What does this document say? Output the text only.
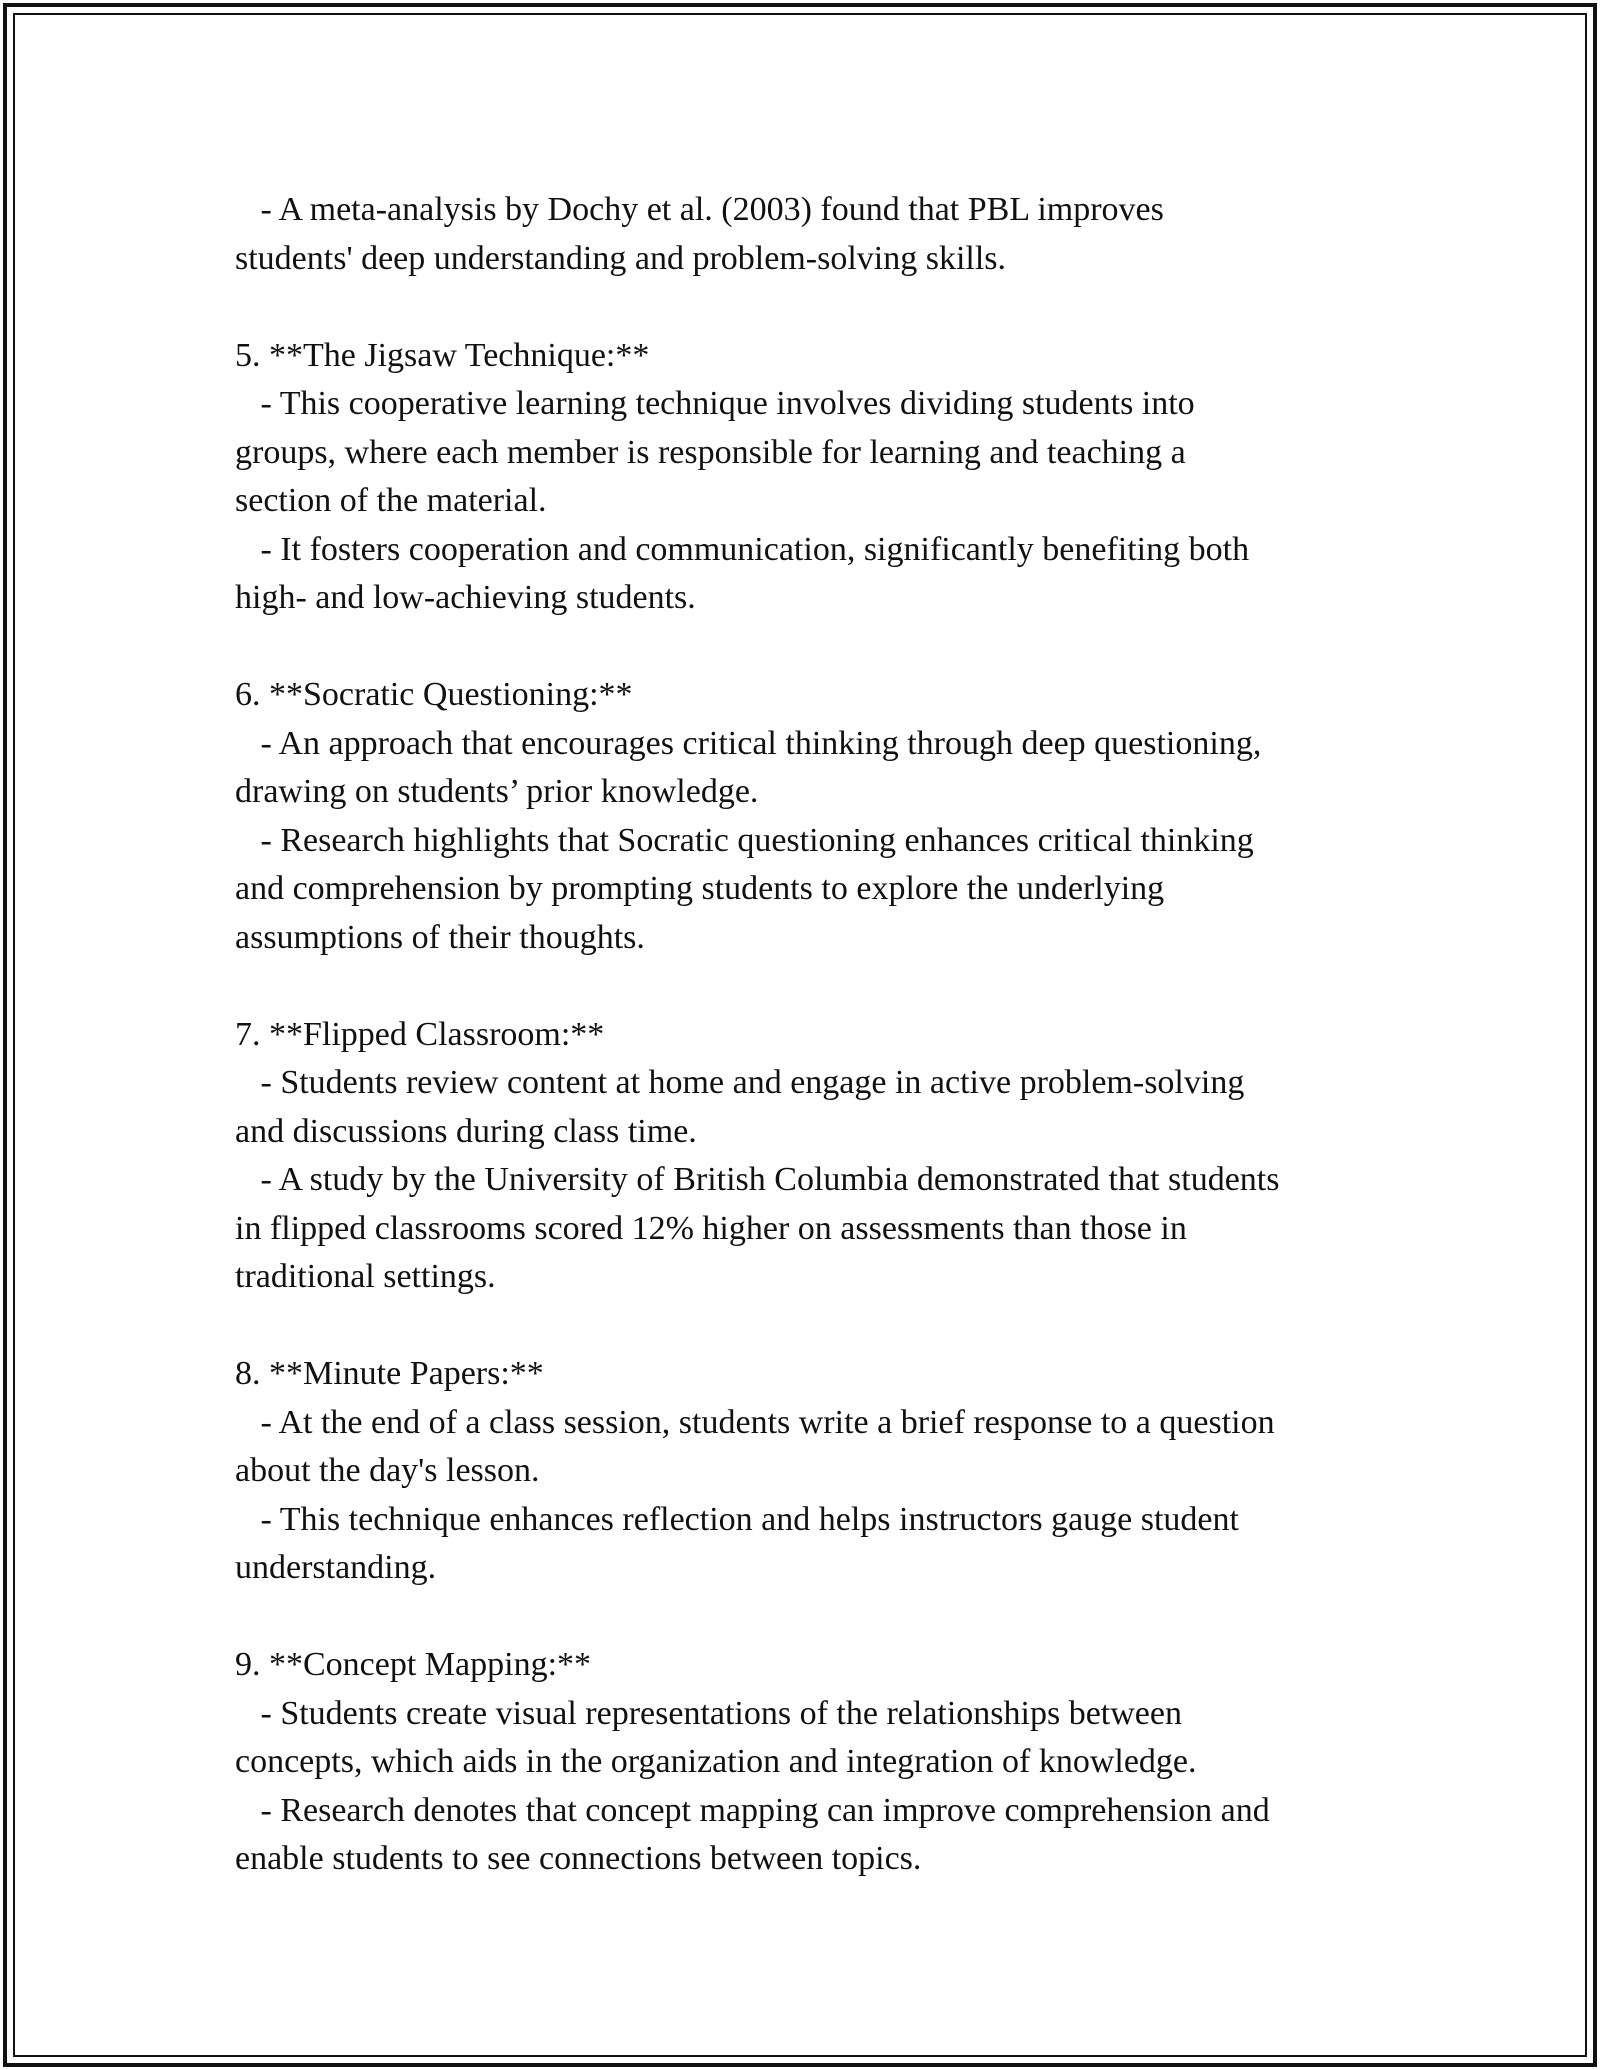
- A meta-analysis by Dochy et al. (2003) found that PBL improves
students' deep understanding and problem-solving skills.
5. **The Jigsaw Technique:**
- This cooperative learning technique involves dividing students into
groups, where each member is responsible for learning and teaching a
section of the material.
- It fosters cooperation and communication, significantly benefiting both
high- and low-achieving students.
6. **Socratic Questioning:**
- An approach that encourages critical thinking through deep questioning,
drawing on students’ prior knowledge.
- Research highlights that Socratic questioning enhances critical thinking
and comprehension by prompting students to explore the underlying
assumptions of their thoughts.
7. **Flipped Classroom:**
- Students review content at home and engage in active problem-solving
and discussions during class time.
- A study by the University of British Columbia demonstrated that students
in flipped classrooms scored 12% higher on assessments than those in
traditional settings.
8. **Minute Papers:**
- At the end of a class session, students write a brief response to a question
about the day's lesson.
- This technique enhances reflection and helps instructors gauge student
understanding.
9. **Concept Mapping:**
- Students create visual representations of the relationships between
concepts, which aids in the organization and integration of knowledge.
- Research denotes that concept mapping can improve comprehension and
enable students to see connections between topics.
